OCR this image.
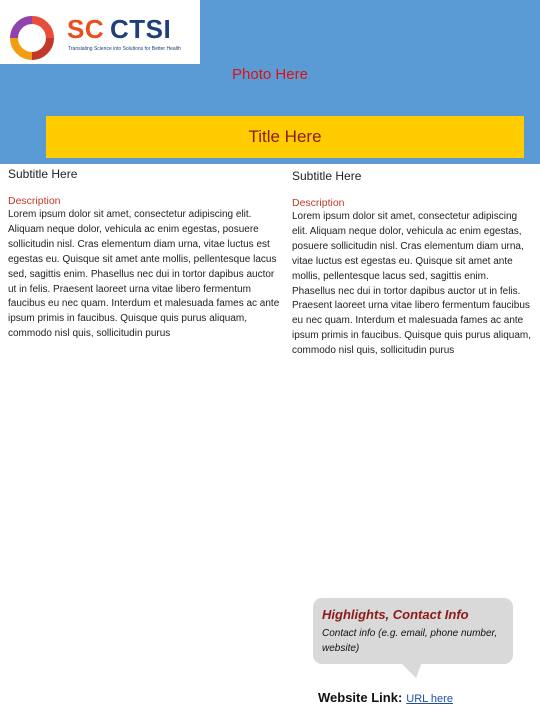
SC CTSI
Translating Science into Solutions for Better Health
Photo Here
Title Here

Subtitle Here

Description

Lorem ipsum dolor sit amet, consectetur adipiscing elit. Aliquam neque dolor, vehicula ac enim egestas, posuere sollicitudin nisl. Cras elementum diam urna, vitae luctus est egestas eu. Quisque sit amet ante mollis, pellentesque lacus sed, sagittis enim. Phasellus nec dui in tortor dapibus auctor ut in felis. Praesent laoreet urna vitae libero fermentum faucibus eu nec quam. Interdum et malesuada fames ac ante ipsum primis in faucibus. Quisque quis purus aliquam, commodo nisl quis, sollicitudin purus

Subtitle Here

Description

Lorem ipsum dolor sit amet, consectetur adipiscing elit. Aliquam neque dolor, vehicula ac enim egestas, posuere sollicitudin nisl. Cras elementum diam urna, vitae luctus est egestas eu. Quisque sit amet ante mollis, pellentesque lacus sed, sagittis enim. Phasellus nec dui in tortor dapibus auctor ut in felis. Praesent laoreet urna vitae libero fermentum faucibus eu nec quam. Interdum et malesuada fames ac ante ipsum primis in faucibus. Quisque quis purus aliquam, commodo nisl quis, sollicitudin purus

Highlights, Contact Info
Contact info (e.g. email, phone number, website)
Website Link: URL here
